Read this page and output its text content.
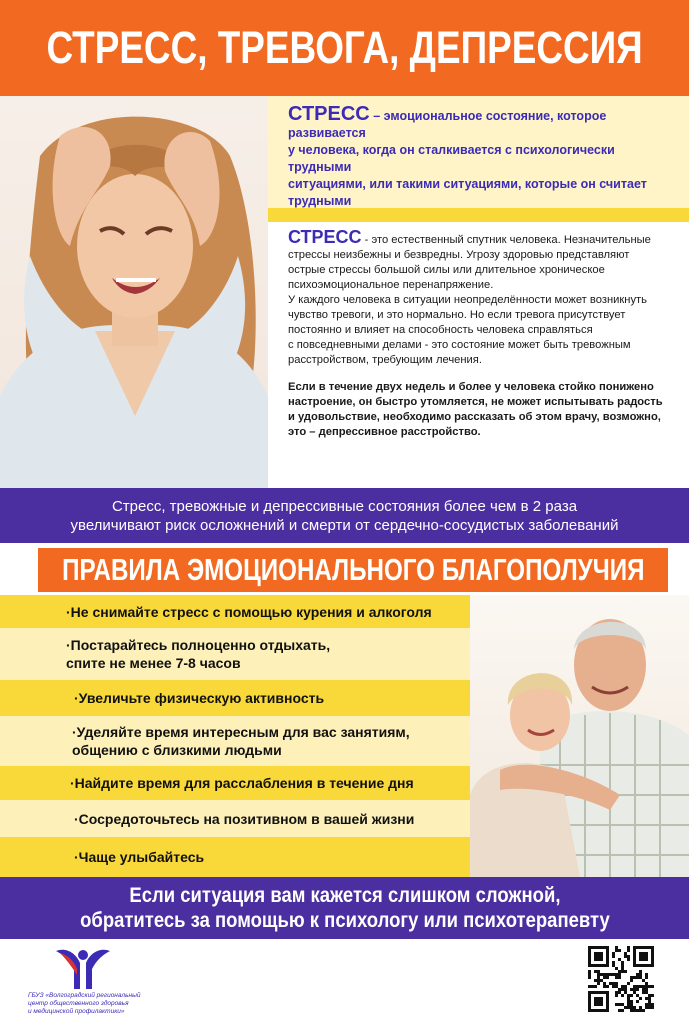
СТРЕСС, ТРЕВОГА, ДЕПРЕССИЯ
СТРЕСС – эмоциональное состояние, которое развивается
у человека, когда он сталкивается с психологически трудными
ситуациями, или такими ситуациями, которые он считает трудными

СТРЕСС - это естественный спутник человека. Незначительные
стрессы неизбежны и безвредны. Угрозу здоровью представляют
острые стрессы большой силы или длительное хроническое
психоэмоциональное перенапряжение.
У каждого человека в ситуации неопределённости может возникнуть
чувство тревоги, и это нормально. Но если тревога присутствует
постоянно и влияет на способность человека справляться
с повседневными делами - это состояние может быть тревожным
расстройством, требующим лечения.

Если в течение двух недель и более у человека стойко понижено
настроение, он быстро утомляется, не может испытывать радость
и удовольствие, необходимо рассказать об этом врачу, возможно,
это – депрессивное расстройство.

Стресс, тревожные и депрессивные состояния более чем в 2 раза
увеличивают риск осложнений и смерти от сердечно-сосудистых заболеваний
ПРАВИЛА ЭМОЦИОНАЛЬНОГО БЛАГОПОЛУЧИЯ
·Не снимайте стресс с помощью курения и алкоголя
·Постарайтесь полноценно отдыхать,
спите не менее 7-8 часов
·Увеличьте физическую активность
·Уделяйте время интересным для вас занятиям,
общению с близкими людьми
·Найдите время для расслабления в течение дня
·Сосредоточьтесь на позитивном в вашей жизни
·Чаще улыбайтесь
Если ситуация вам кажется слишком сложной,
обратитесь за помощью к психологу или психотерапевту
ГБУЗ «Волгоградский региональный
центр общественного здоровья
и медицинской профилактики»
